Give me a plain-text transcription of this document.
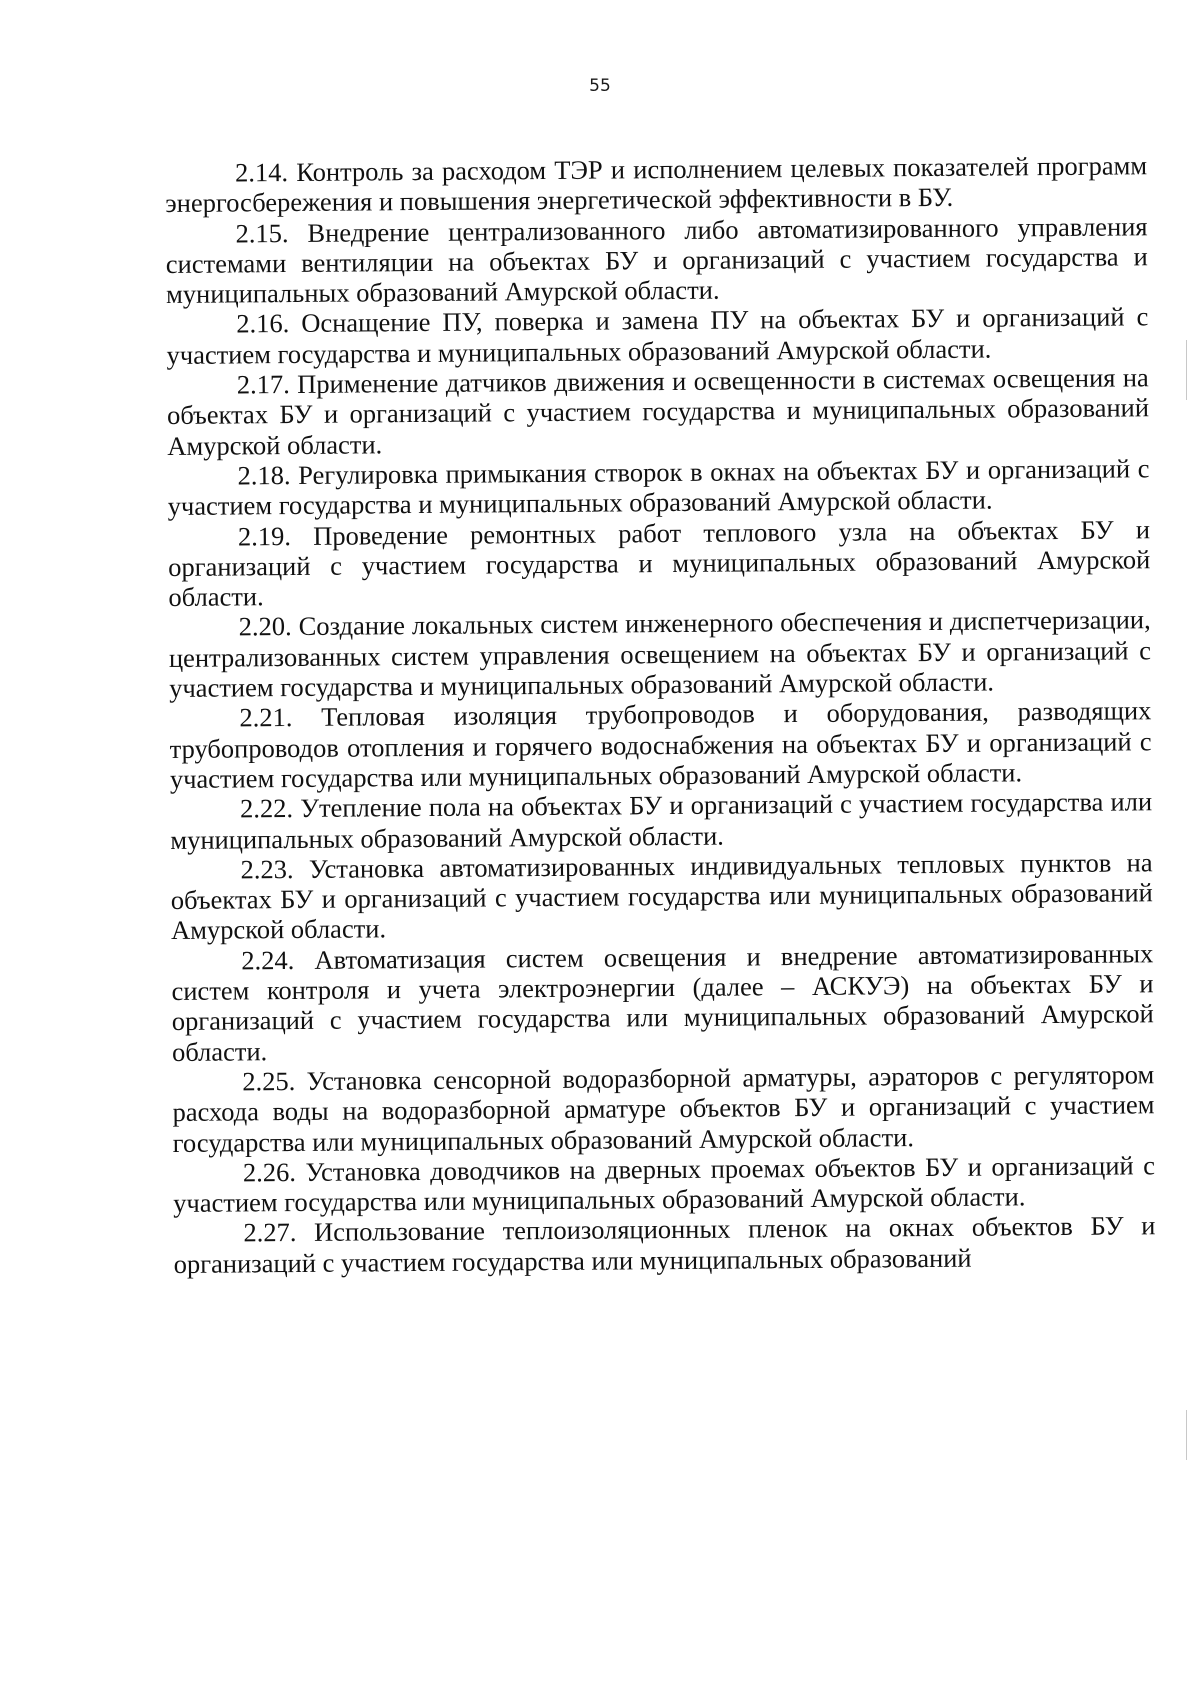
55

2.14. Контроль за расходом ТЭР и исполнением целевых показателей программ энергосбережения и повышения энергетической эффективности в БУ.

2.15. Внедрение централизованного либо автоматизированного управления системами вентиляции на объектах БУ и организаций с участием государства и муниципальных образований Амурской области.

2.16. Оснащение ПУ, поверка и замена ПУ на объектах БУ и организаций с участием государства и муниципальных образований Амурской области.

2.17. Применение датчиков движения и освещенности в системах освещения на объектах БУ и организаций с участием государства и муниципальных образований Амурской области.

2.18. Регулировка примыкания створок в окнах на объектах БУ и организаций с участием государства и муниципальных образований Амурской области.

2.19. Проведение ремонтных работ теплового узла на объектах БУ и организаций с участием государства и муниципальных образований Амурской области.

2.20. Создание локальных систем инженерного обеспечения и диспетчеризации, централизованных систем управления освещением на объектах БУ и организаций с участием государства и муниципальных образований Амурской области.

2.21. Тепловая изоляция трубопроводов и оборудования, разводящих трубопроводов отопления и горячего водоснабжения на объектах БУ и организаций с участием государства или муниципальных образований Амурской области.

2.22. Утепление пола на объектах БУ и организаций с участием государства или муниципальных образований Амурской области.

2.23. Установка автоматизированных индивидуальных тепловых пунктов на объектах БУ и организаций с участием государства или муниципальных образований Амурской области.

2.24. Автоматизация систем освещения и внедрение автоматизированных систем контроля и учета электроэнергии (далее – АСКУЭ) на объектах БУ и организаций с участием государства или муниципальных образований Амурской области.

2.25. Установка сенсорной водоразборной арматуры, аэраторов с регулятором расхода воды на водоразборной арматуре объектов БУ и организаций с участием государства или муниципальных образований Амурской области.

2.26. Установка доводчиков на дверных проемах объектов БУ и организаций с участием государства или муниципальных образований Амурской области.

2.27. Использование теплоизоляционных пленок на окнах объектов БУ и организаций с участием государства или муниципальных образований
